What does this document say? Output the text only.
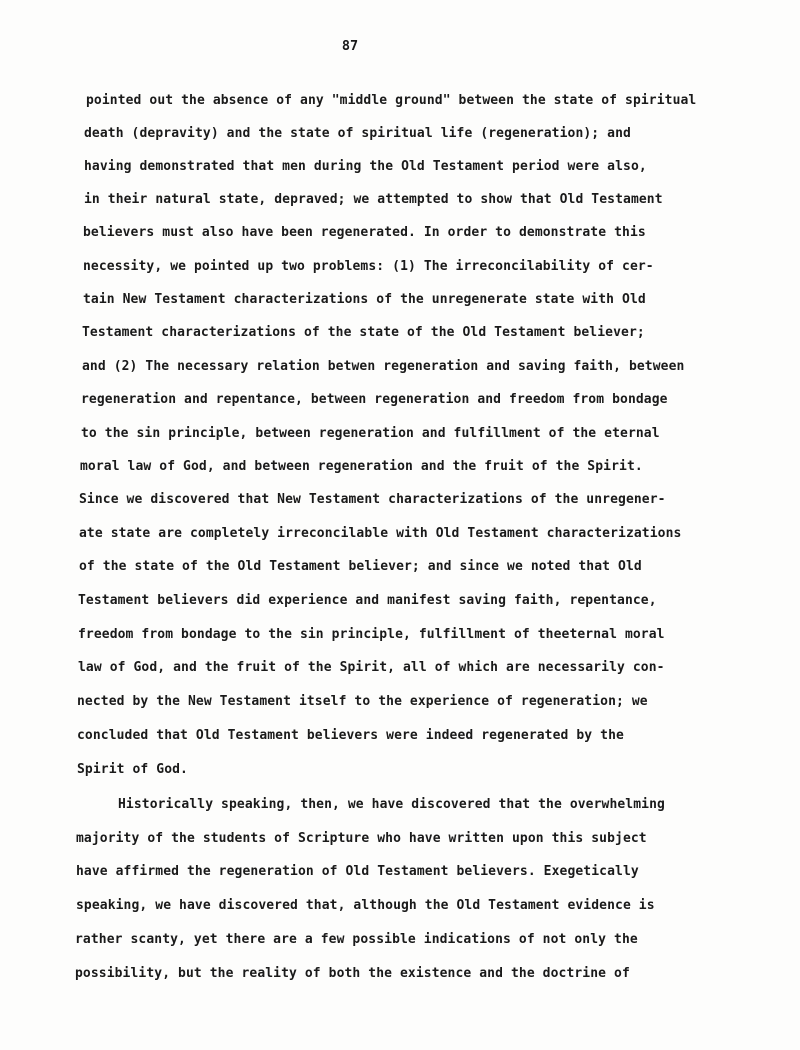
87
pointed out the absence of any "middle ground" between the state of spiritual
death (depravity) and the state of spiritual life (regeneration); and
having demonstrated that men during the Old Testament period were also,
in their natural state, depraved; we attempted to show that Old Testament
believers must also have been regenerated. In order to demonstrate this
necessity, we pointed up two problems: (1) The irreconcilability of cer-
tain New Testament characterizations of the unregenerate state with Old
Testament characterizations of the state of the Old Testament believer;
and (2) The necessary relation betwen regeneration and saving faith, between
regeneration and repentance, between regeneration and freedom from bondage
to the sin principle, between regeneration and fulfillment of the eternal
moral law of God, and between regeneration and the fruit of the Spirit.
Since we discovered that New Testament characterizations of the unregener-
ate state are completely irreconcilable with Old Testament characterizations
of the state of the Old Testament believer; and since we noted that Old
Testament believers did experience and manifest saving faith, repentance,
freedom from bondage to the sin principle, fulfillment of theeternal moral
law of God, and the fruit of the Spirit, all of which are necessarily con-
nected by the New Testament itself to the experience of regeneration; we
concluded that Old Testament believers were indeed regenerated by the
Spirit of God.
Historically speaking, then, we have discovered that the overwhelming
majority of the students of Scripture who have written upon this subject
have affirmed the regeneration of Old Testament believers. Exegetically
speaking, we have discovered that, although the Old Testament evidence is
rather scanty, yet there are a few possible indications of not only the
possibility, but the reality of both the existence and the doctrine of
